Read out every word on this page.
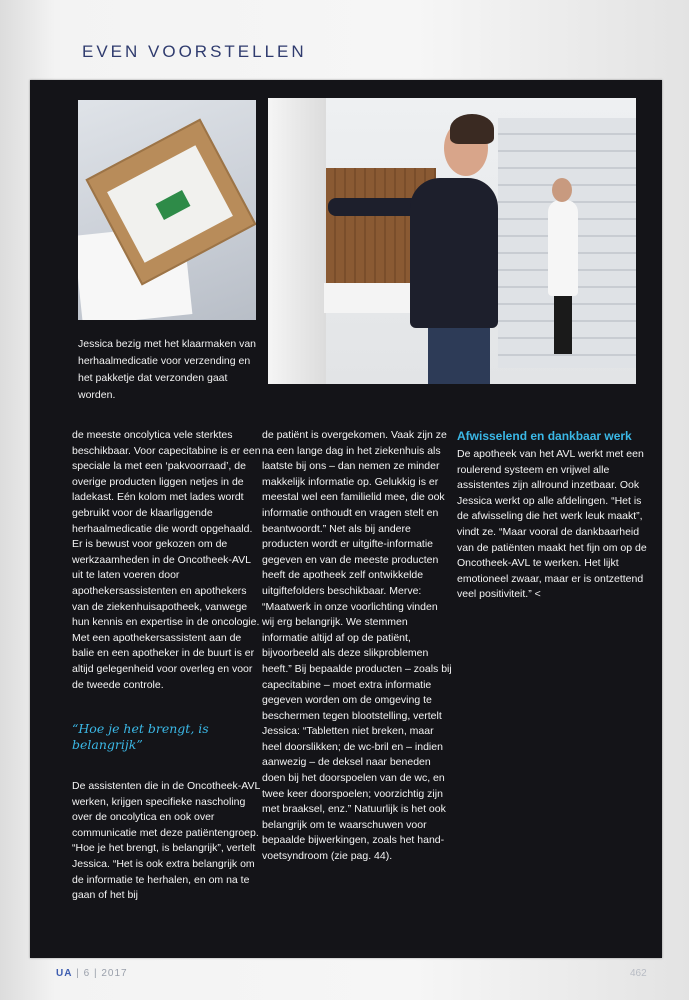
EVEN VOORSTELLEN
Jessica bezig met het klaarmaken van herhaalmedicatie voor verzending en het pakketje dat verzonden gaat worden.

de meeste oncolytica vele sterktes beschikbaar. Voor capecitabine is er een speciale la met een ‘pakvoorraad’, de overige producten liggen netjes in de ladekast. Eén kolom met lades wordt gebruikt voor de klaarliggende herhaalmedicatie die wordt opgehaald. Er is bewust voor gekozen om de werkzaamheden in de Oncotheek-AVL uit te laten voeren door apothekersassistenten en apothekers van de ziekenhuisapotheek, vanwege hun kennis en expertise in de oncologie. Met een apothekersassistent aan de balie en een apotheker in de buurt is er altijd gelegenheid voor overleg en voor de tweede controle.

“Hoe je het brengt, is belangrijk”

De assistenten die in de Oncotheek-AVL werken, krijgen specifieke nascholing over de oncolytica en ook over communicatie met deze patiëntengroep. “Hoe je het brengt, is belangrijk”, vertelt Jessica. “Het is ook extra belangrijk om de informatie te herhalen, en om na te gaan of het bij

de patiënt is overgekomen. Vaak zijn ze na een lange dag in het ziekenhuis als laatste bij ons – dan nemen ze minder makkelijk informatie op. Gelukkig is er meestal wel een familielid mee, die ook informatie onthoudt en vragen stelt en beantwoordt.” Net als bij andere producten wordt er uitgifte-informatie gegeven en van de meeste producten heeft de apotheek zelf ontwikkelde uitgiftefolders beschikbaar. Merve: “Maatwerk in onze voorlichting vinden wij erg belangrijk. We stemmen informatie altijd af op de patiënt, bijvoorbeeld als deze slikproblemen heeft.” Bij bepaalde producten – zoals bij capecitabine – moet extra informatie gegeven worden om de omgeving te beschermen tegen blootstelling, vertelt Jessica: “Tabletten niet breken, maar heel doorslikken; de wc-bril en – indien aanwezig – de deksel naar beneden doen bij het doorspoelen van de wc, en twee keer doorspoelen; voorzichtig zijn met braaksel, enz.” Natuurlijk is het ook belangrijk om te waarschuwen voor bepaalde bijwerkingen, zoals het hand-voetsyndroom (zie pag. 44).

Afwisselend en dankbaar werk

De apotheek van het AVL werkt met een roulerend systeem en vrijwel alle assistentes zijn allround inzetbaar. Ook Jessica werkt op alle afdelingen. “Het is de afwisseling die het werk leuk maakt”, vindt ze. “Maar vooral de dankbaarheid van de patiënten maakt het fijn om op de Oncotheek-AVL te werken. Het lijkt emotioneel zwaar, maar er is ontzettend veel positiviteit.” <

UA | 6 | 2017	462
